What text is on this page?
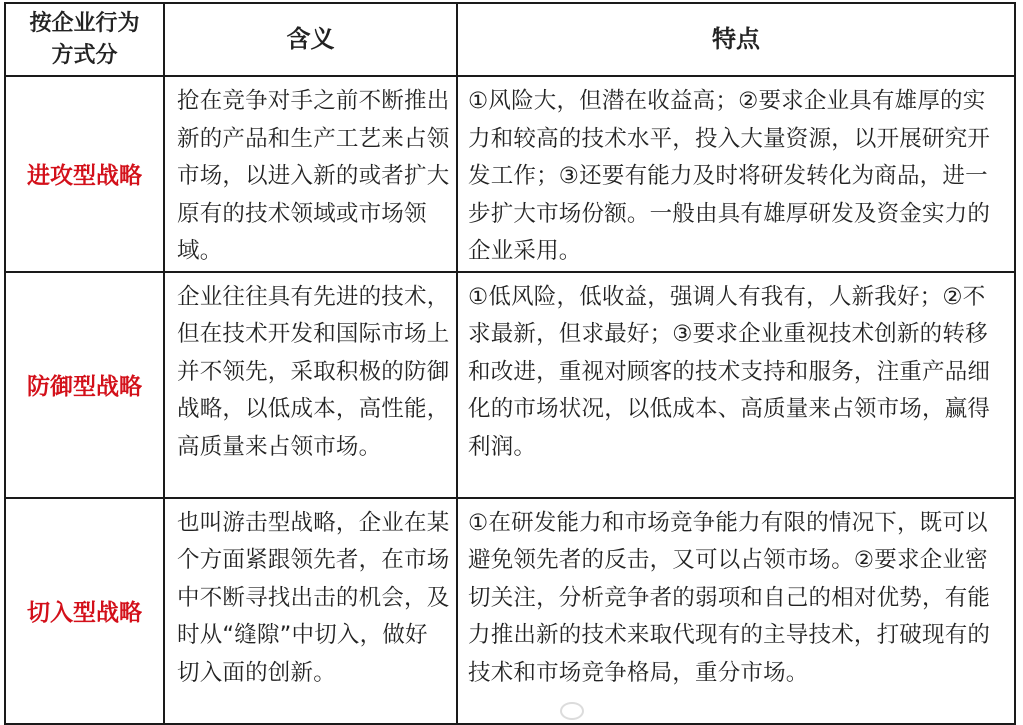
按企业行为
方式分	含义	特点
进攻型战略	抢在竞争对手之前不断推出新的产品和生产工艺来占领市场，以进入新的或者扩大原有的技术领域或市场领域。	①风险大，但潜在收益高；②要求企业具有雄厚的实力和较高的技术水平，投入大量资源，以开展研究开发工作；③还要有能力及时将研发转化为商品，进一步扩大市场份额。一般由具有雄厚研发及资金实力的企业采用。
防御型战略	企业往往具有先进的技术，但在技术开发和国际市场上并不领先，采取积极的防御战略，以低成本，高性能，高质量来占领市场。	①低风险，低收益，强调人有我有，人新我好；②不求最新，但求最好；③要求企业重视技术创新的转移和改进，重视对顾客的技术支持和服务，注重产品细化的市场状况，以低成本、高质量来占领市场，赢得利润。
切入型战略	也叫游击型战略，企业在某个方面紧跟领先者，在市场中不断寻找出击的机会，及时从“缝隙”中切入，做好切入面的创新。	①在研发能力和市场竞争能力有限的情况下，既可以避免领先者的反击，又可以占领市场。②要求企业密切关注，分析竞争者的弱项和自己的相对优势，有能力推出新的技术来取代现有的主导技术，打破现有的技术和市场竞争格局，重分市场。
